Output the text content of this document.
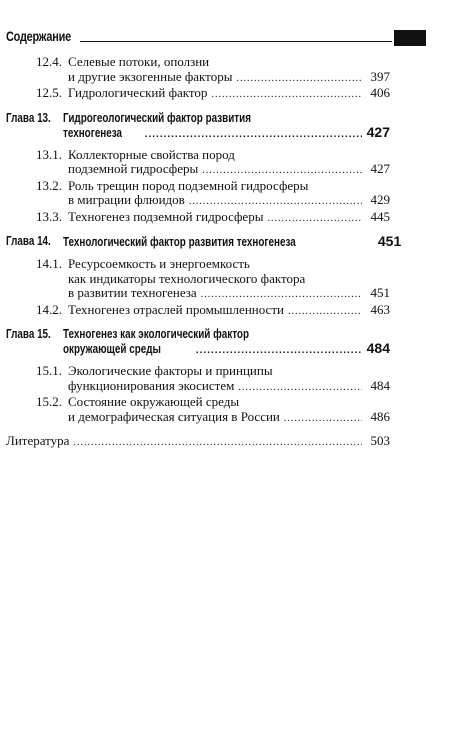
Содержание
12.4. Селевые потоки, оползни
и другие экзогенные факторы .....	397
12.5. Гидрологический фактор .....	406
Глава 13. Гидрогеологический фактор развития
техногенеза .....	427
13.1. Коллекторные свойства пород
подземной гидросферы .....	427
13.2. Роль трещин пород подземной гидросферы
в миграции флюидов .....	429
13.3. Техногенез подземной гидросферы .....	445
Глава 14. Технологический фактор развития техногенеза	451
14.1. Ресурсоемкость и энергоемкость
как индикаторы технологического фактора
в развитии техногенеза .....	451
14.2. Техногенез отраслей промышленности .....	463
Глава 15. Техногенез как экологический фактор
окружающей среды .....	484
15.1. Экологические факторы и принципы
функционирования экосистем .....	484
15.2. Состояние окружающей среды
и демографическая ситуация в России .....	486
Литература .....	503
